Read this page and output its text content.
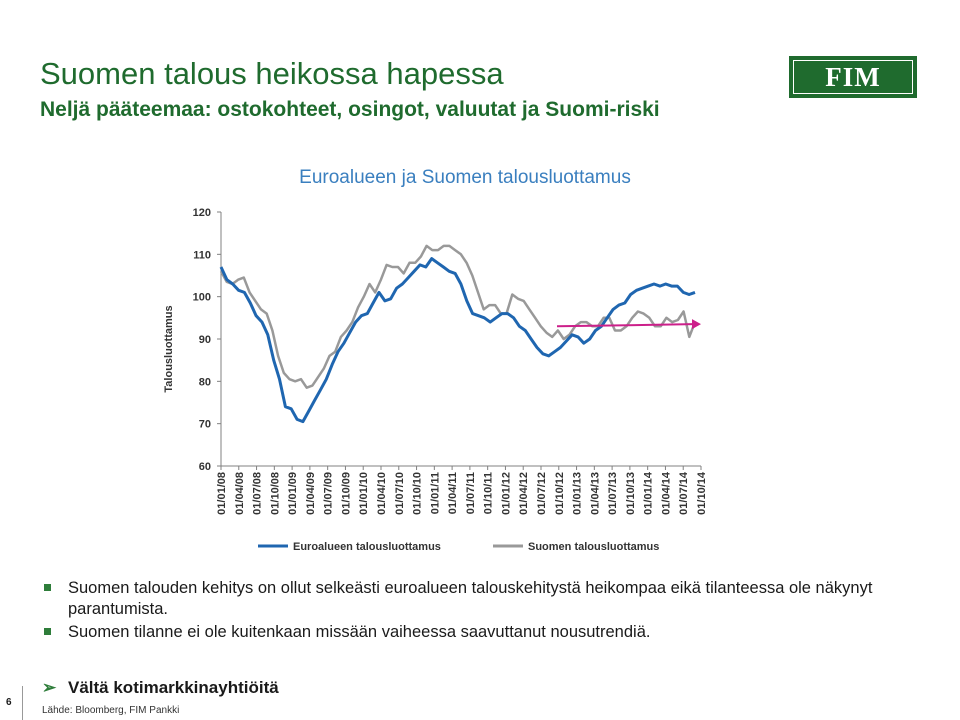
Suomen talous heikossa hapessa
Neljä pääteemaa: ostokohteet, osingot, valuutat ja Suomi-riski
FIM
Euroalueen ja Suomen talousluottamus
60
70
80
90
100
110
120
Talousluottamus
01/01/08 01/04/08 01/07/08 01/10/08 01/01/09 01/04/09 01/07/09 01/10/09 01/01/10 01/04/10 01/07/10 01/10/10 01/01/11 01/04/11 01/07/11 01/10/11 01/01/12 01/04/12 01/07/12 01/10/12 01/01/13 01/04/13 01/07/13 01/10/13 01/01/14 01/04/14 01/07/14 01/10/14
Euroalueen talousluottamus	Suomen talousluottamus
Suomen talouden kehitys on ollut selkeästi euroalueen talouskehitystä heikompaa eikä tilanteessa ole näkynyt parantumista.
Suomen tilanne ei ole kuitenkaan missään vaiheessa saavuttanut nousutrendiä.
➢ Vältä kotimarkkinayhtiöitä
6
Lähde: Bloomberg, FIM Pankki
